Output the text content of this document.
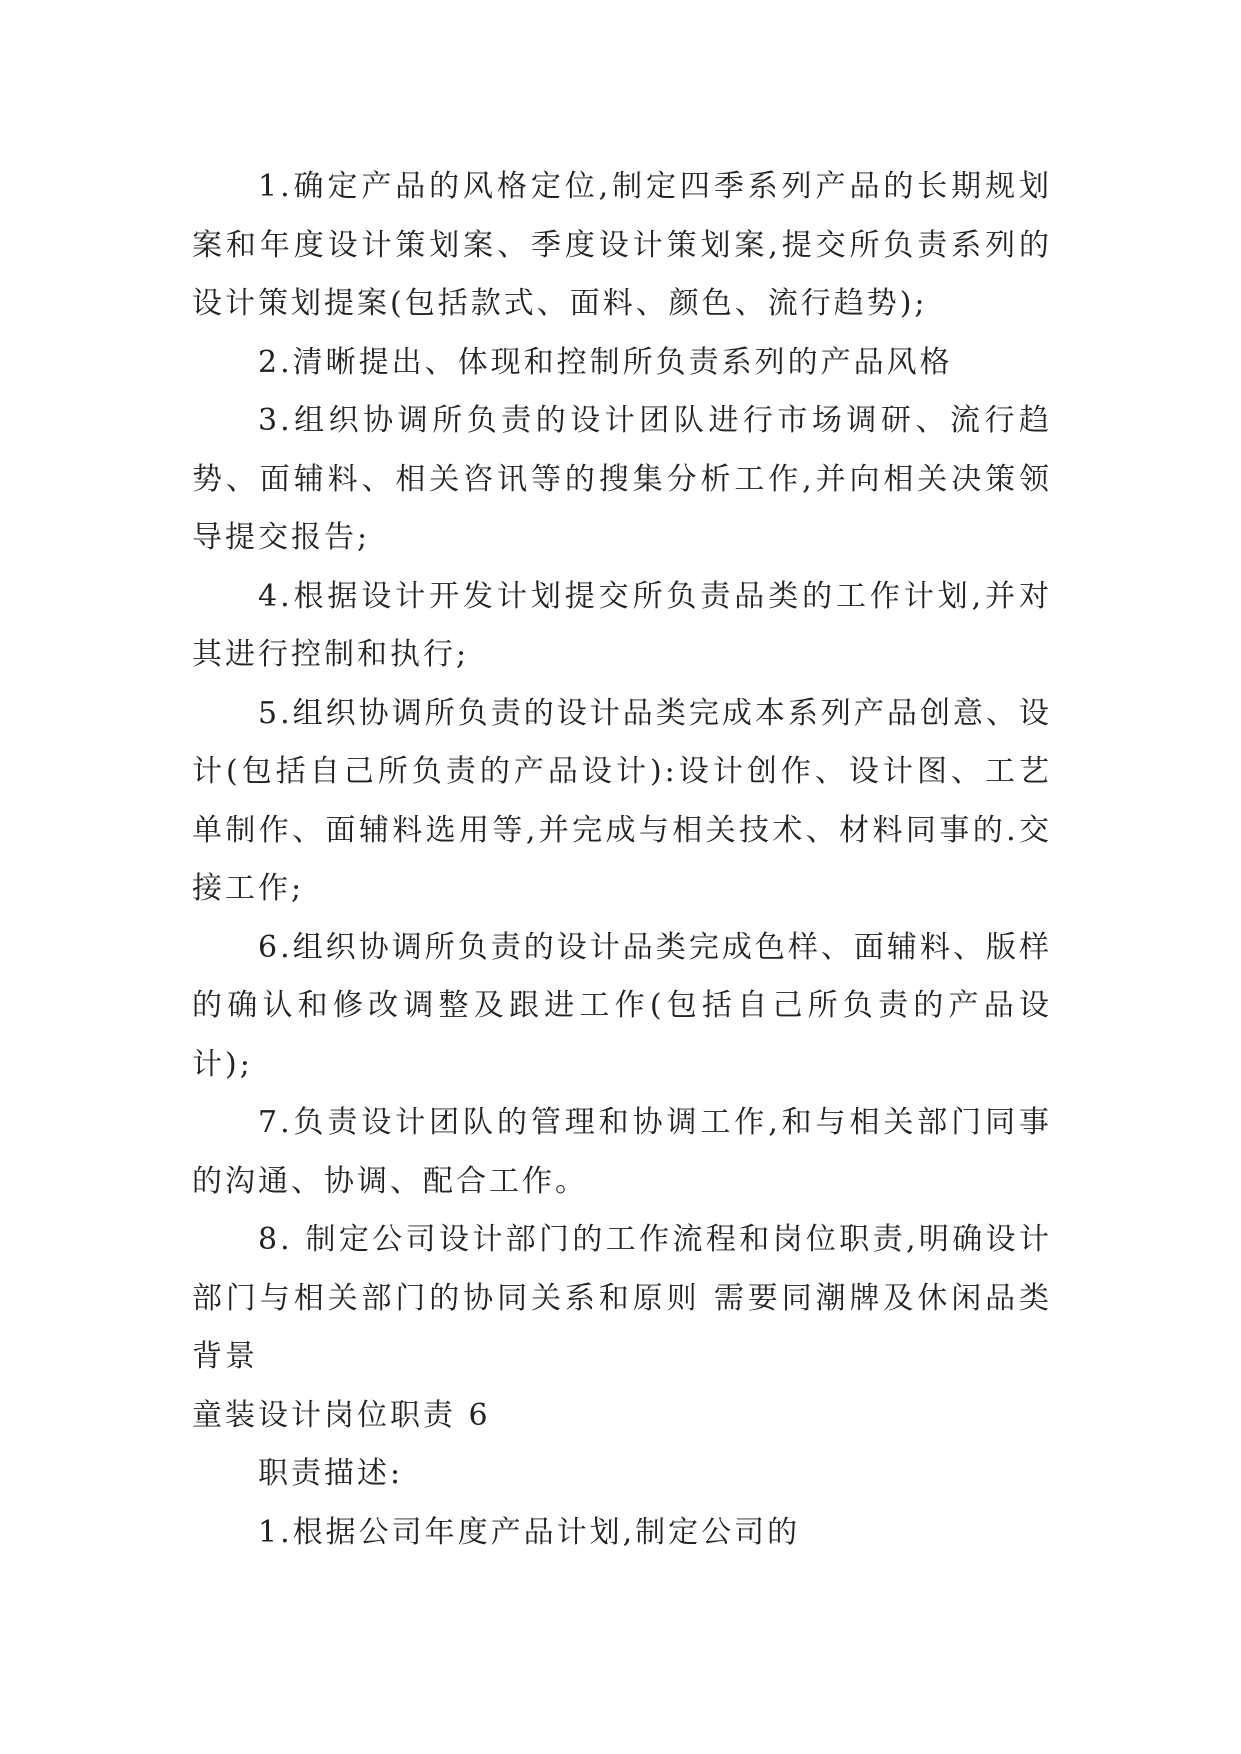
1.确定产品的风格定位,制定四季系列产品的长期规划案和年度设计策划案、季度设计策划案,提交所负责系列的设计策划提案(包括款式、面料、颜色、流行趋势);

2.清晰提出、体现和控制所负责系列的产品风格

3.组织协调所负责的设计团队进行市场调研、流行趋势、面辅料、相关咨讯等的搜集分析工作,并向相关决策领导提交报告;

4.根据设计开发计划提交所负责品类的工作计划,并对其进行控制和执行;

5.组织协调所负责的设计品类完成本系列产品创意、设计(包括自己所负责的产品设计):设计创作、设计图、工艺单制作、面辅料选用等,并完成与相关技术、材料同事的.交接工作;

6.组织协调所负责的设计品类完成色样、面辅料、版样的确认和修改调整及跟进工作(包括自己所负责的产品设计);

7.负责设计团队的管理和协调工作,和与相关部门同事的沟通、协调、配合工作。

8. 制定公司设计部门的工作流程和岗位职责,明确设计部门与相关部门的协同关系和原则 需要同潮牌及休闲品类背景

童装设计岗位职责 6

职责描述:

1.根据公司年度产品计划,制定公司的
